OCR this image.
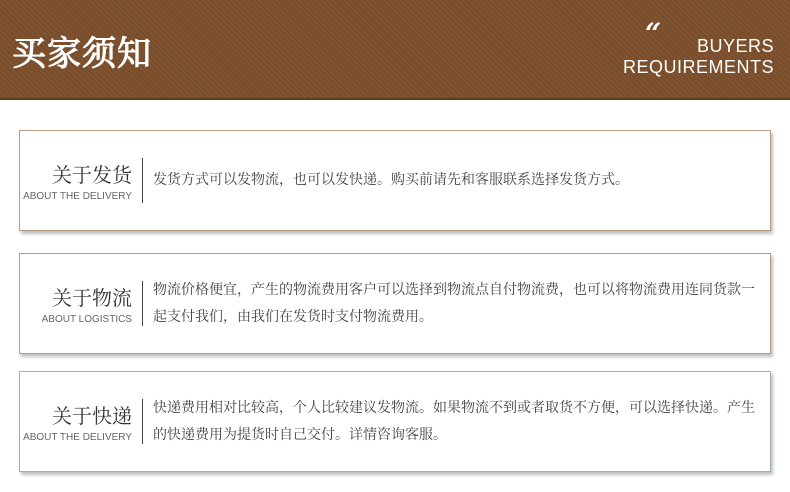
买家须知
“	BUYERS
REQUIREMENTS
关于发货
ABOUT THE DELIVERY
发货方式可以发物流，也可以发快递。购买前请先和客服联系选择发货方式。
关于物流
ABOUT LOGISTICS
物流价格便宜，产生的物流费用客户可以选择到物流点自付物流费，也可以将物流费用连同货款一起支付我们，由我们在发货时支付物流费用。
关于快递
ABOUT THE DELIVERY
快递费用相对比较高，个人比较建议发物流。如果物流不到或者取货不方便，可以选择快递。产生的快递费用为提货时自己交付。详情咨询客服。
